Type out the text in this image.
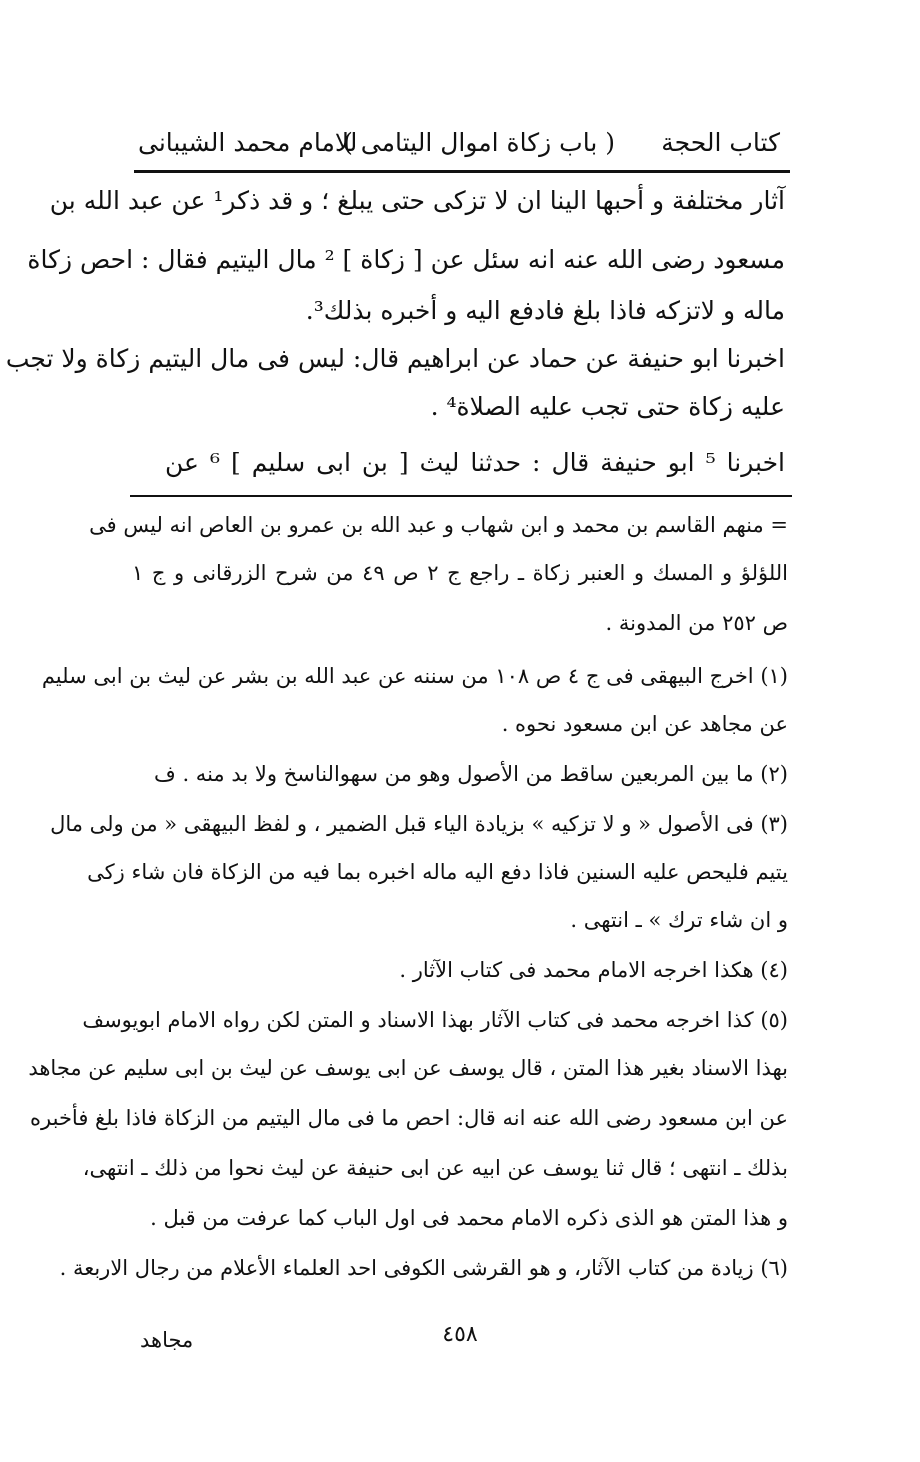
كتاب الحجة
( باب زكاة اموال اليتامى )
للامام محمد الشيبانى
آثار مختلفة و أحبها الينا ان لا تزكى حتى يبلغ ؛ و قد ذكر¹ عن عبد الله بن
مسعود رضى الله عنه انه سئل عن [ زكاة ] ² مال اليتيم فقال : احص زكاة
ماله و لاتزكه فاذا بلغ فادفع اليه و أخبره بذلك³.
اخبرنا ابو حنيفة عن حماد عن ابراهيم قال: ليس فى مال اليتيم زكاة ولا تجب
عليه زكاة حتى تجب عليه الصلاة⁴ .
اخبرنا ⁵ ابو حنيفة قال : حدثنا ليث [ بن ابى سليم ] ⁶ عن
= منهم القاسم بن محمد و ابن شهاب و عبد الله بن عمرو بن العاص انه ليس فى
اللؤلؤ و المسك و العنبر زكاة ـ راجع ج ٢ ص ٤٩ من شرح الزرقانى و ج ١
ص ٢٥٢ من المدونة .
(١) اخرج البيهقى فى ج ٤ ص ١٠٨ من سننه عن عبد الله بن بشر عن ليث بن ابى سليم
عن مجاهد عن ابن مسعود نحوه .
(٢) ما بين المربعين ساقط من الأصول وهو من سهوالناسخ ولا بد منه . ف
(٣) فى الأصول « و لا تزكيه » بزيادة الياء قبل الضمير ، و لفظ البيهقى « من ولى مال
يتيم فليحص عليه السنين فاذا دفع اليه ماله اخبره بما فيه من الزكاة فان شاء زكى
و ان شاء ترك » ـ انتهى .
(٤) هكذا اخرجه الامام محمد فى كتاب الآثار .
(٥) كذا اخرجه محمد فى كتاب الآثار بهذا الاسناد و المتن لكن رواه الامام ابويوسف
بهذا الاسناد بغير هذا المتن ، قال يوسف عن ابى يوسف عن ليث بن ابى سليم عن مجاهد
عن ابن مسعود رضى الله عنه انه قال: احص ما فى مال اليتيم من الزكاة فاذا بلغ فأخبره
بذلك ـ انتهى ؛ قال ثنا يوسف عن ابيه عن ابى حنيفة عن ليث نحوا من ذلك ـ انتهى،
و هذا المتن هو الذى ذكره الامام محمد فى اول الباب كما عرفت من قبل .
(٦) زيادة من كتاب الآثار، و هو القرشى الكوفى احد العلماء الأعلام من رجال الاربعة .
مجاهد	٤٥٨
